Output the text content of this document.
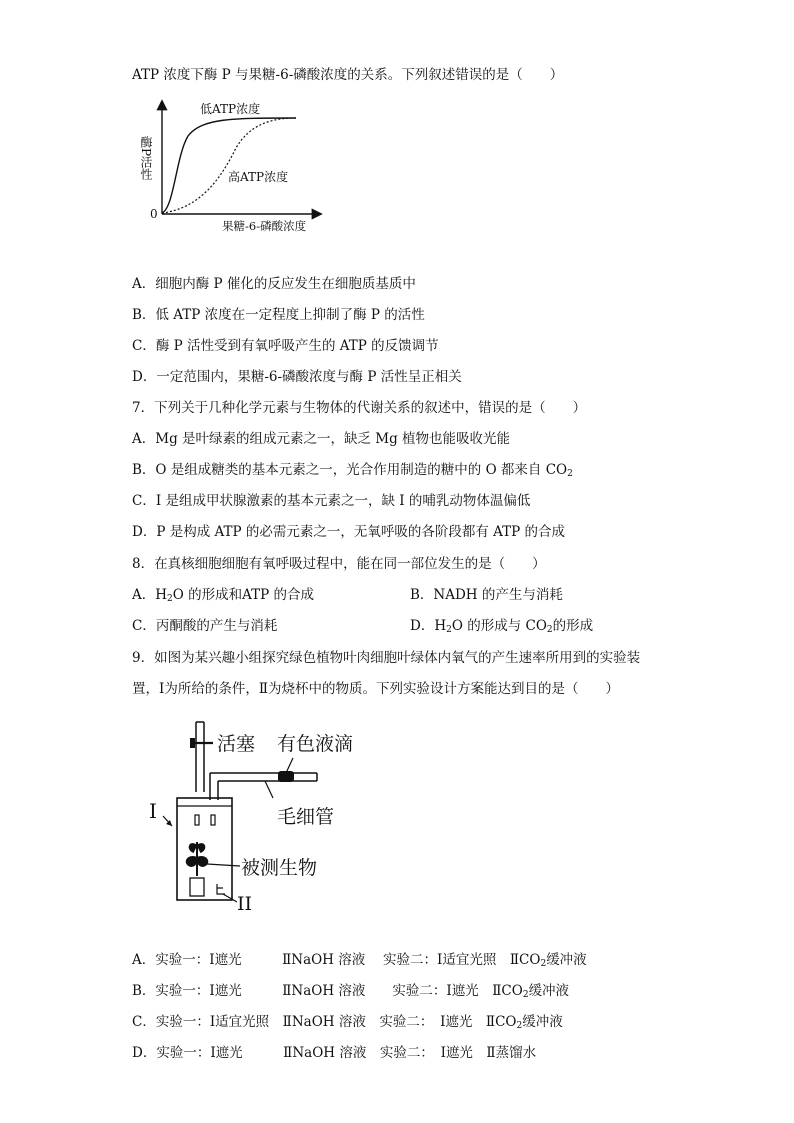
ATP 浓度下酶 P 与果糖-6-磷酸浓度的关系。下列叙述错误的是（　　）
低ATP浓度
高ATP浓度
0
果糖-6-磷酸浓度
酶P活性
A．细胞内酶 P 催化的反应发生在细胞质基质中
B．低 ATP 浓度在一定程度上抑制了酶 P 的活性
C．酶 P 活性受到有氧呼吸产生的 ATP 的反馈调节
D．一定范围内，果糖-6-磷酸浓度与酶 P 活性呈正相关
7．下列关于几种化学元素与生物体的代谢关系的叙述中，错误的是（　　）
A．Mg 是叶绿素的组成元素之一，缺乏 Mg 植物也能吸收光能
B．O 是组成糖类的基本元素之一，光合作用制造的糖中的 O 都来自 $CO_2$
C．I 是组成甲状腺激素的基本元素之一，缺 I 的哺乳动物体温偏低
D．P 是构成 ATP 的必需元素之一，无氧呼吸的各阶段都有 ATP 的合成
8．在真核细胞细胞有氧呼吸过程中，能在同一部位发生的是（　　）
A．$H_2O$ 的形成和ATP 的合成	B．NADH 的产生与消耗
C．丙酮酸的产生与消耗	D．$H_2O$ 的形成与 $CO_2$的形成
9．如图为某兴趣小组探究绿色植物叶肉细胞叶绿体内氧气的产生速率所用到的实验装
置，Ⅰ为所给的条件，Ⅱ为烧杯中的物质。下列实验设计方案能达到目的是（　　）
活塞 有色液滴
毛细管
I
被测生物
II
A．实验一：Ⅰ遮光　　　ⅡNaOH 溶液　 实验二：Ⅰ适宜光照　$ⅡCO_2$缓冲液
B．实验一：Ⅰ遮光　　　ⅡNaOH 溶液　　实验二：Ⅰ遮光　$ⅡCO_2$缓冲液
C．实验一：Ⅰ适宜光照　ⅡNaOH 溶液　实验二：　Ⅰ遮光　$ⅡCO_2$缓冲液
D．实验一：Ⅰ遮光　　　ⅡNaOH 溶液　实验二：　Ⅰ遮光　Ⅱ蒸馏水
